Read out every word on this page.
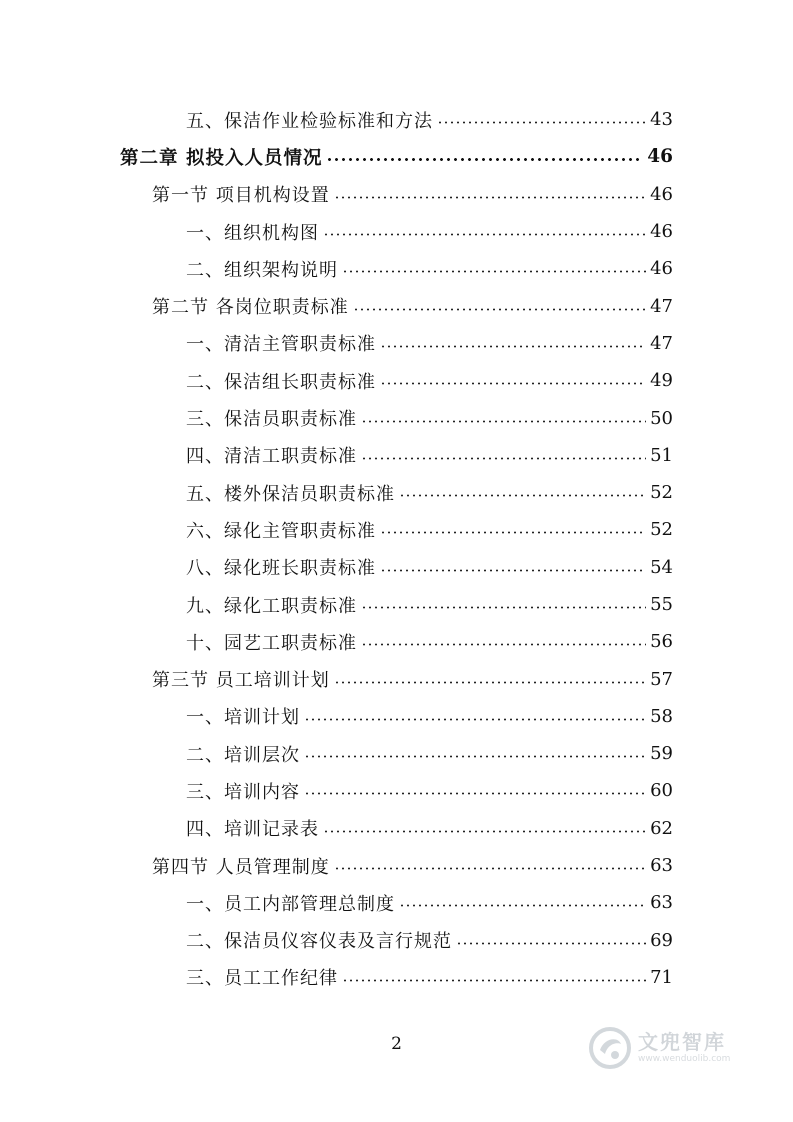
五、保洁作业检验标准和方法	43
第二章 拟投入人员情况	46
第一节 项目机构设置	46
一、组织机构图	46
二、组织架构说明	46
第二节 各岗位职责标准	47
一、清洁主管职责标准	47
二、保洁组长职责标准	49
三、保洁员职责标准	50
四、清洁工职责标准	51
五、楼外保洁员职责标准	52
六、绿化主管职责标准	52
八、绿化班长职责标准	54
九、绿化工职责标准	55
十、园艺工职责标准	56
第三节 员工培训计划	57
一、培训计划	58
二、培训层次	59
三、培训内容	60
四、培训记录表	62
第四节 人员管理制度	63
一、员工内部管理总制度	63
二、保洁员仪容仪表及言行规范	69
三、员工工作纪律	71
2	文兜智库
www.wenduolib.com
